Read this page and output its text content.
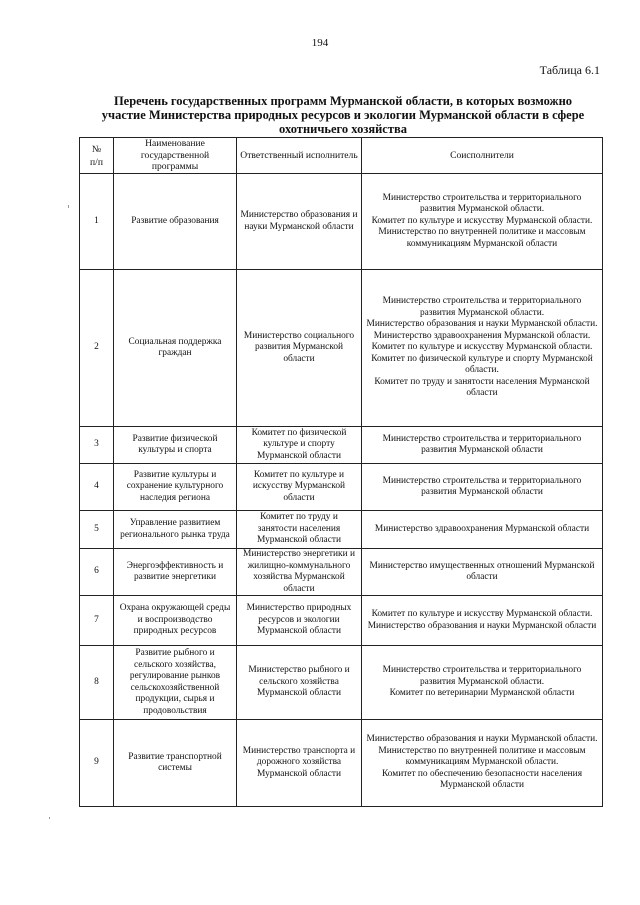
194
Таблица 6.1
Перечень государственных программ Мурманской области, в которых возможно
участие Министерства природных ресурсов и экологии Мурманской области в сфере
охотничьего хозяйства
№
п/п	Наименование государственной программы	Ответственный исполнитель	Соисполнители
1	Развитие образования	Министерство образования и науки Мурманской области	Министерство строительства и территориального развития Мурманской области.
Комитет по культуре и искусству Мурманской области.
Министерство по внутренней политике и массовым коммуникациям Мурманской области

2	Социальная поддержка граждан	Министерство социального развития Мурманской области	Министерство строительства и территориального развития Мурманской области.
Министерство образования и науки Мурманской области. Министерство здравоохранения Мурманской области.
Комитет по культуре и искусству Мурманской области.
Комитет по физической культуре и спорту Мурманской области.
Комитет по труду и занятости населения Мурманской области

3	Развитие физической культуры и спорта	Комитет по физической культуре и спорту Мурманской области	Министерство строительства и территориального развития Мурманской области

4	Развитие культуры и сохранение культурного наследия региона	Комитет по культуре и искусству Мурманской области	Министерство строительства и территориального развития Мурманской области

5	Управление развитием регионального рынка труда	Комитет по труду и занятости населения Мурманской области	Министерство здравоохранения Мурманской области

6	Энергоэффективность и развитие энергетики	Министерство энергетики и жилищно-коммунального хозяйства Мурманской области	Министерство имущественных отношений Мурманской области

7	Охрана окружающей среды и воспроизводство природных ресурсов	Министерство природных ресурсов и экологии Мурманской области	Комитет по культуре и искусству Мурманской области.
Министерство образования и науки Мурманской области

8	Развитие рыбного и сельского хозяйства, регулирование рынков сельскохозяйственной продукции, сырья и продовольствия	Министерство рыбного и сельского хозяйства Мурманской области	Министерство строительства и территориального развития Мурманской области.
Комитет по ветеринарии Мурманской области

9	Развитие транспортной системы	Министерство транспорта и дорожного хозяйства Мурманской области	Министерство образования и науки Мурманской области.
Министерство по внутренней политике и массовым коммуникациям Мурманской области.
Комитет по обеспечению безопасности населения Мурманской области
